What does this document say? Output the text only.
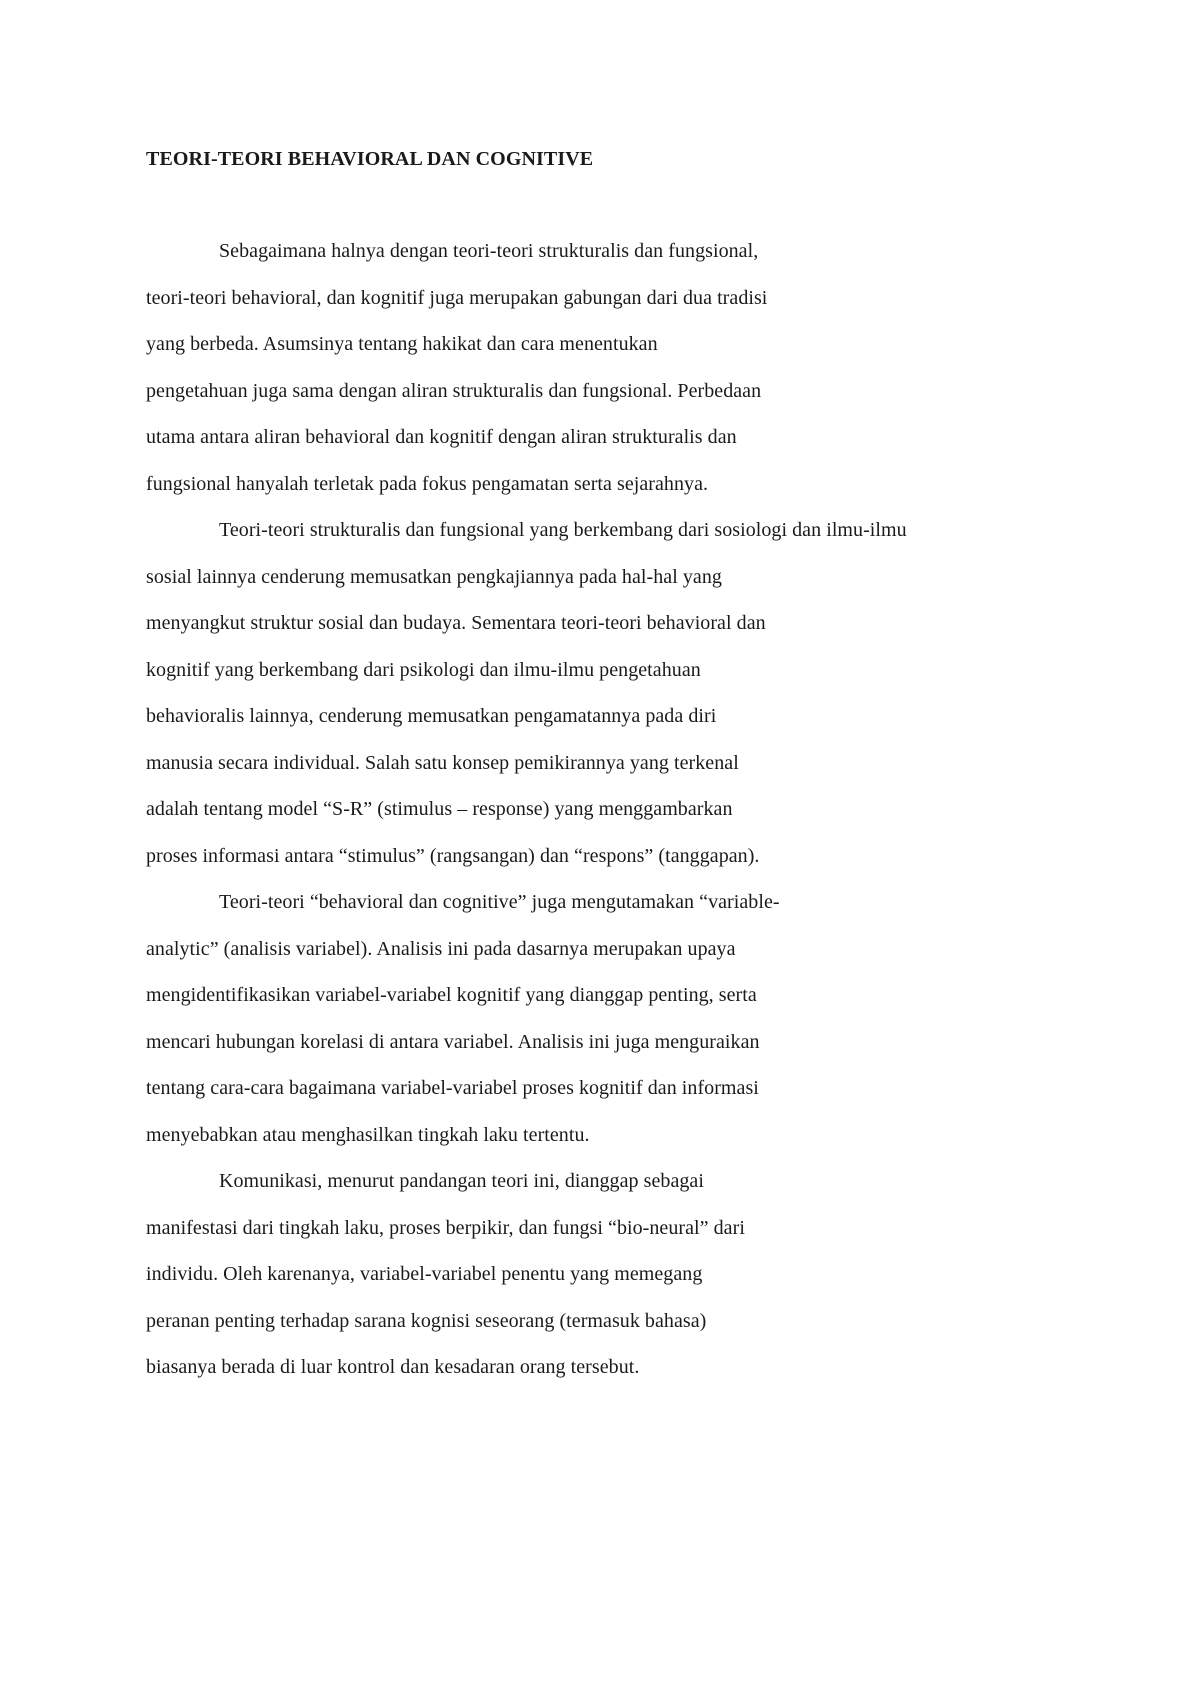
TEORI-TEORI BEHAVIORAL DAN COGNITIVE
Sebagaimana halnya dengan teori-teori strukturalis dan fungsional,
teori-teori behavioral, dan kognitif juga merupakan gabungan dari dua tradisi
yang berbeda. Asumsinya tentang hakikat dan cara menentukan
pengetahuan juga sama dengan aliran strukturalis dan fungsional. Perbedaan
utama antara aliran behavioral dan kognitif dengan aliran strukturalis dan
fungsional hanyalah terletak pada fokus pengamatan serta sejarahnya.
Teori-teori strukturalis dan fungsional yang berkembang dari sosiologi dan ilmu-ilmu
sosial lainnya cenderung memusatkan pengkajiannya pada hal-hal yang
menyangkut struktur sosial dan budaya. Sementara teori-teori behavioral dan
kognitif yang berkembang dari psikologi dan ilmu-ilmu pengetahuan
behavioralis lainnya, cenderung memusatkan pengamatannya pada diri
manusia secara individual. Salah satu konsep pemikirannya yang terkenal
adalah tentang model “S-R” (stimulus – response) yang menggambarkan
proses informasi antara “stimulus” (rangsangan) dan “respons” (tanggapan).
Teori-teori “behavioral dan cognitive” juga mengutamakan “variable-
analytic” (analisis variabel). Analisis ini pada dasarnya merupakan upaya
mengidentifikasikan variabel-variabel kognitif yang dianggap penting, serta
mencari hubungan korelasi di antara variabel. Analisis ini juga menguraikan
tentang cara-cara bagaimana variabel-variabel proses kognitif dan informasi
menyebabkan atau menghasilkan tingkah laku tertentu.
Komunikasi, menurut pandangan teori ini, dianggap sebagai
manifestasi dari tingkah laku, proses berpikir, dan fungsi “bio-neural” dari
individu. Oleh karenanya, variabel-variabel penentu yang memegang
peranan penting terhadap sarana kognisi seseorang (termasuk bahasa)
biasanya berada di luar kontrol dan kesadaran orang tersebut.
